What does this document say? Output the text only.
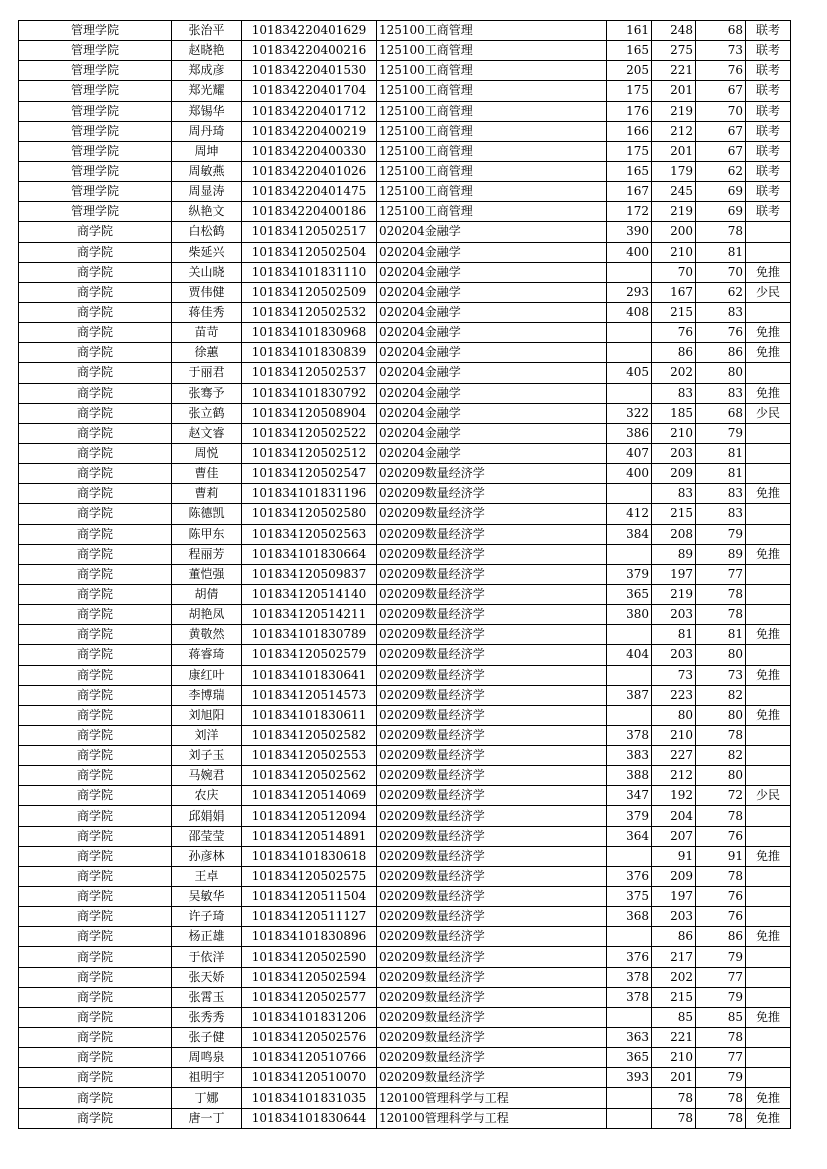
管理学院	张治平	101834220401629	125100工商管理	161	248	68	联考
管理学院	赵晓艳	101834220400216	125100工商管理	165	275	73	联考
管理学院	郑成彦	101834220401530	125100工商管理	205	221	76	联考
管理学院	郑光耀	101834220401704	125100工商管理	175	201	67	联考
管理学院	郑锡华	101834220401712	125100工商管理	176	219	70	联考
管理学院	周丹琦	101834220400219	125100工商管理	166	212	67	联考
管理学院	周坤	101834220400330	125100工商管理	175	201	67	联考
管理学院	周敏燕	101834220401026	125100工商管理	165	179	62	联考
管理学院	周显涛	101834220401475	125100工商管理	167	245	69	联考
管理学院	纵艳文	101834220400186	125100工商管理	172	219	69	联考
商学院	白松鹤	101834120502517	020204金融学	390	200	78	
商学院	柴延兴	101834120502504	020204金融学	400	210	81	
商学院	关山晓	101834101831110	020204金融学		70	70	免推
商学院	贾伟健	101834120502509	020204金融学	293	167	62	少民
商学院	蒋佳秀	101834120502532	020204金融学	408	215	83	
商学院	苗苛	101834101830968	020204金融学		76	76	免推
商学院	徐蕙	101834101830839	020204金融学		86	86	免推
商学院	于丽君	101834120502537	020204金融学	405	202	80	
商学院	张骞予	101834101830792	020204金融学		83	83	免推
商学院	张立鹤	101834120508904	020204金融学	322	185	68	少民
商学院	赵文睿	101834120502522	020204金融学	386	210	79	
商学院	周悦	101834120502512	020204金融学	407	203	81	
商学院	曹佳	101834120502547	020209数量经济学	400	209	81	
商学院	曹莉	101834101831196	020209数量经济学		83	83	免推
商学院	陈德凯	101834120502580	020209数量经济学	412	215	83	
商学院	陈甲东	101834120502563	020209数量经济学	384	208	79	
商学院	程丽芳	101834101830664	020209数量经济学		89	89	免推
商学院	董恺强	101834120509837	020209数量经济学	379	197	77	
商学院	胡倩	101834120514140	020209数量经济学	365	219	78	
商学院	胡艳凤	101834120514211	020209数量经济学	380	203	78	
商学院	黄敬然	101834101830789	020209数量经济学		81	81	免推
商学院	蒋睿琦	101834120502579	020209数量经济学	404	203	80	
商学院	康红叶	101834101830641	020209数量经济学		73	73	免推
商学院	李博瑞	101834120514573	020209数量经济学	387	223	82	
商学院	刘旭阳	101834101830611	020209数量经济学		80	80	免推
商学院	刘洋	101834120502582	020209数量经济学	378	210	78	
商学院	刘子玉	101834120502553	020209数量经济学	383	227	82	
商学院	马婉君	101834120502562	020209数量经济学	388	212	80	
商学院	农庆	101834120514069	020209数量经济学	347	192	72	少民
商学院	邱娟娟	101834120512094	020209数量经济学	379	204	78	
商学院	邵莹莹	101834120514891	020209数量经济学	364	207	76	
商学院	孙彦林	101834101830618	020209数量经济学		91	91	免推
商学院	王卓	101834120502575	020209数量经济学	376	209	78	
商学院	吴敏华	101834120511504	020209数量经济学	375	197	76	
商学院	许子琦	101834120511127	020209数量经济学	368	203	76	
商学院	杨正雄	101834101830896	020209数量经济学		86	86	免推
商学院	于依洋	101834120502590	020209数量经济学	376	217	79	
商学院	张天娇	101834120502594	020209数量经济学	378	202	77	
商学院	张霄玉	101834120502577	020209数量经济学	378	215	79	
商学院	张秀秀	101834101831206	020209数量经济学		85	85	免推
商学院	张子健	101834120502576	020209数量经济学	363	221	78	
商学院	周鸣泉	101834120510766	020209数量经济学	365	210	77	
商学院	祖明宇	101834120510070	020209数量经济学	393	201	79	
商学院	丁娜	101834101831035	120100管理科学与工程		78	78	免推
商学院	唐一丁	101834101830644	120100管理科学与工程		78	78	免推
